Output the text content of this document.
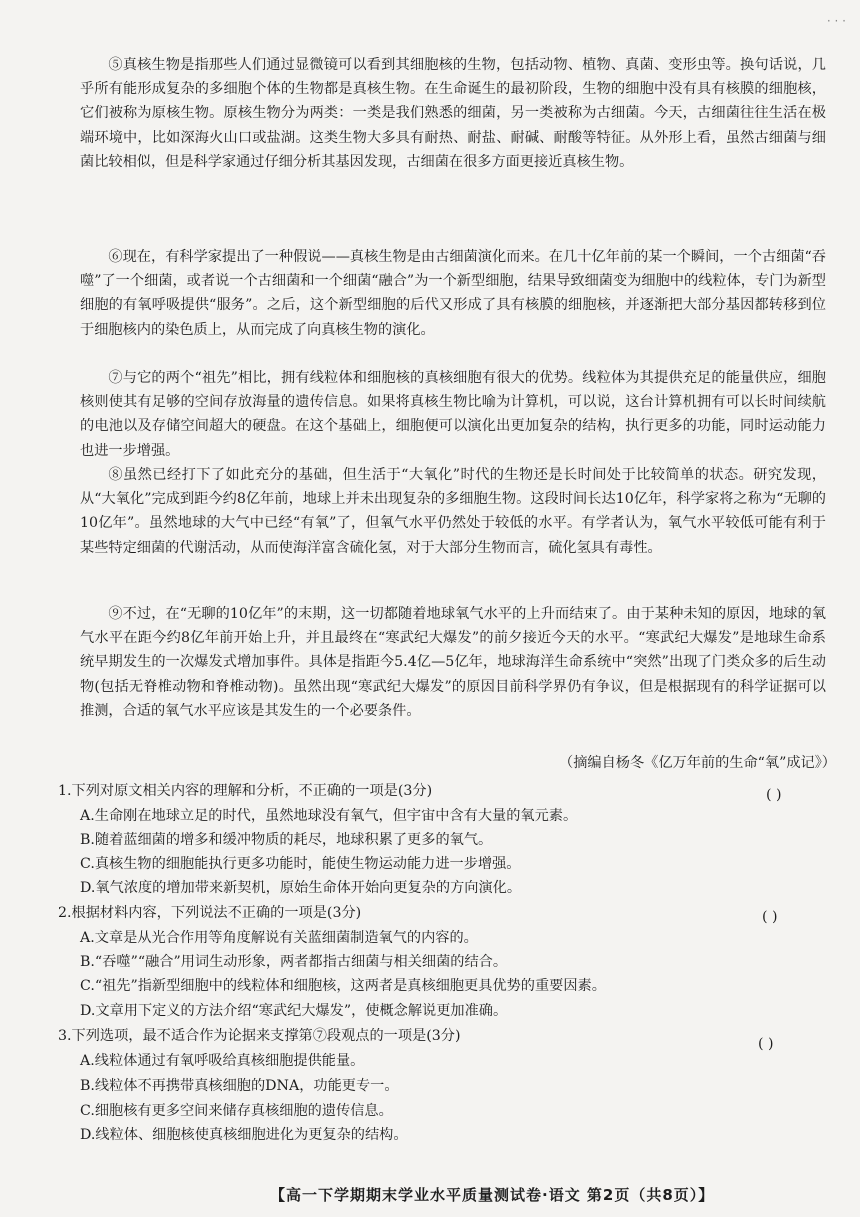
· · ·

⑤真核生物是指那些人们通过显微镜可以看到其细胞核的生物，包括动物、植物、真菌、变形虫等。换句话说，几乎所有能形成复杂的多细胞个体的生物都是真核生物。在生命诞生的最初阶段，生物的细胞中没有具有核膜的细胞核，它们被称为原核生物。原核生物分为两类：一类是我们熟悉的细菌，另一类被称为古细菌。今天，古细菌往往生活在极端环境中，比如深海火山口或盐湖。这类生物大多具有耐热、耐盐、耐碱、耐酸等特征。从外形上看，虽然古细菌与细菌比较相似，但是科学家通过仔细分析其基因发现，古细菌在很多方面更接近真核生物。

⑥现在，有科学家提出了一种假说——真核生物是由古细菌演化而来。在几十亿年前的某一个瞬间，一个古细菌“吞噬”了一个细菌，或者说一个古细菌和一个细菌“融合”为一个新型细胞，结果导致细菌变为细胞中的线粒体，专门为新型细胞的有氧呼吸提供“服务”。之后，这个新型细胞的后代又形成了具有核膜的细胞核，并逐渐把大部分基因都转移到位于细胞核内的染色质上，从而完成了向真核生物的演化。

⑦与它的两个“祖先”相比，拥有线粒体和细胞核的真核细胞有很大的优势。线粒体为其提供充足的能量供应，细胞核则使其有足够的空间存放海量的遗传信息。如果将真核生物比喻为计算机，可以说，这台计算机拥有可以长时间续航的电池以及存储空间超大的硬盘。在这个基础上，细胞便可以演化出更加复杂的结构，执行更多的功能，同时运动能力也进一步增强。

⑧虽然已经打下了如此充分的基础，但生活于“大氧化”时代的生物还是长时间处于比较简单的状态。研究发现，从“大氧化”完成到距今约8亿年前，地球上并未出现复杂的多细胞生物。这段时间长达10亿年，科学家将之称为“无聊的10亿年”。虽然地球的大气中已经“有氧”了，但氧气水平仍然处于较低的水平。有学者认为，氧气水平较低可能有利于某些特定细菌的代谢活动，从而使海洋富含硫化氢，对于大部分生物而言，硫化氢具有毒性。

⑨不过，在“无聊的10亿年”的末期，这一切都随着地球氧气水平的上升而结束了。由于某种未知的原因，地球的氧气水平在距今约8亿年前开始上升，并且最终在“寒武纪大爆发”的前夕接近今天的水平。“寒武纪大爆发”是地球生命系统早期发生的一次爆发式增加事件。具体是指距今5.4亿—5亿年，地球海洋生命系统中“突然”出现了门类众多的后生动物(包括无脊椎动物和脊椎动物)。虽然出现“寒武纪大爆发”的原因目前科学界仍有争议，但是根据现有的科学证据可以推测，合适的氧气水平应该是其发生的一个必要条件。

（摘编自杨冬《亿万年前的生命“氧”成记》）

1.下列对原文相关内容的理解和分析，不正确的一项是(3分)	( )

A.生命刚在地球立足的时代，虽然地球没有氧气，但宇宙中含有大量的氧元素。

B.随着蓝细菌的增多和缓冲物质的耗尽，地球积累了更多的氧气。

C.真核生物的细胞能执行更多功能时，能使生物运动能力进一步增强。

D.氧气浓度的增加带来新契机，原始生命体开始向更复杂的方向演化。

2.根据材料内容，下列说法不正确的一项是(3分)	( )

A.文章是从光合作用等角度解说有关蓝细菌制造氧气的内容的。

B.“吞噬”“融合”用词生动形象，两者都指古细菌与相关细菌的结合。

C.“祖先”指新型细胞中的线粒体和细胞核，这两者是真核细胞更具优势的重要因素。

D.文章用下定义的方法介绍“寒武纪大爆发”，使概念解说更加准确。

3.下列选项，最不适合作为论据来支撑第⑦段观点的一项是(3分)	( )

A.线粒体通过有氧呼吸给真核细胞提供能量。

B.线粒体不再携带真核细胞的DNA，功能更专一。

C.细胞核有更多空间来储存真核细胞的遗传信息。

D.线粒体、细胞核使真核细胞进化为更复杂的结构。

【高一下学期期末学业水平质量测试卷·语文 第2页（共8页）】
